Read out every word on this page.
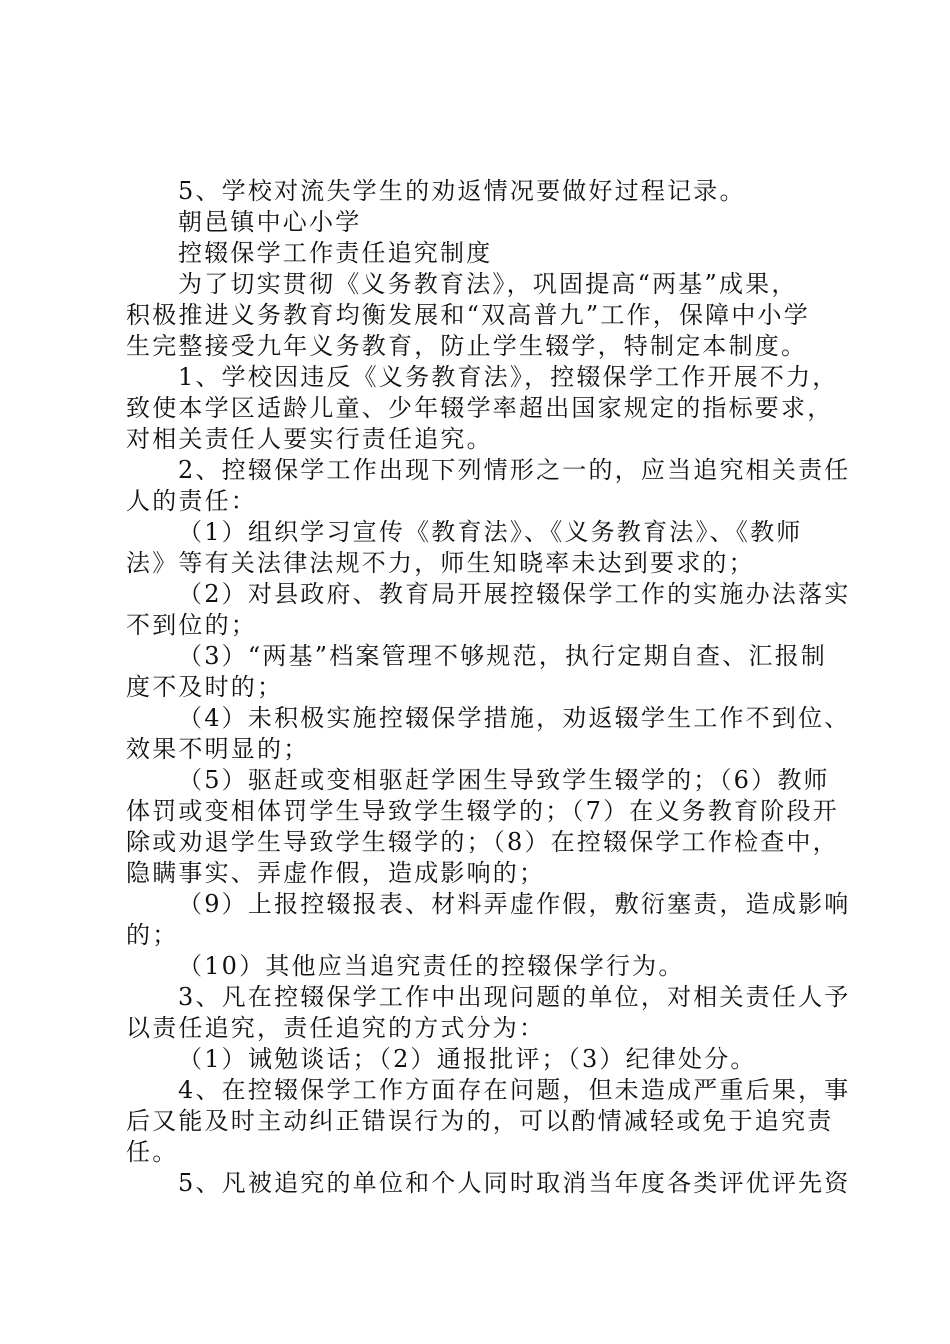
5、学校对流失学生的劝返情况要做好过程记录。
朝邑镇中心小学
控辍保学工作责任追究制度
为了切实贯彻《义务教育法》，巩固提高“两基”成果，
积极推进义务教育均衡发展和“双高普九”工作，保障中小学
生完整接受九年义务教育，防止学生辍学，特制定本制度。
1、学校因违反《义务教育法》，控辍保学工作开展不力，
致使本学区适龄儿童、少年辍学率超出国家规定的指标要求，
对相关责任人要实行责任追究。
2、控辍保学工作出现下列情形之一的，应当追究相关责任
人的责任：
（1）组织学习宣传《教育法》、《义务教育法》、《教师
法》等有关法律法规不力，师生知晓率未达到要求的；
（2）对县政府、教育局开展控辍保学工作的实施办法落实
不到位的；
（3）“两基”档案管理不够规范，执行定期自查、汇报制
度不及时的；
（4）未积极实施控辍保学措施，劝返辍学生工作不到位、
效果不明显的；
（5）驱赶或变相驱赶学困生导致学生辍学的；（6）教师
体罚或变相体罚学生导致学生辍学的；（7）在义务教育阶段开
除或劝退学生导致学生辍学的；（8）在控辍保学工作检查中，
隐瞒事实、弄虚作假，造成影响的；
（9）上报控辍报表、材料弄虚作假，敷衍塞责，造成影响
的；
（10）其他应当追究责任的控辍保学行为。
3、凡在控辍保学工作中出现问题的单位，对相关责任人予
以责任追究，责任追究的方式分为：
（1）诫勉谈话；（2）通报批评；（3）纪律处分。
4、在控辍保学工作方面存在问题，但未造成严重后果，事
后又能及时主动纠正错误行为的，可以酌情减轻或免于追究责
任。
5、凡被追究的单位和个人同时取消当年度各类评优评先资
